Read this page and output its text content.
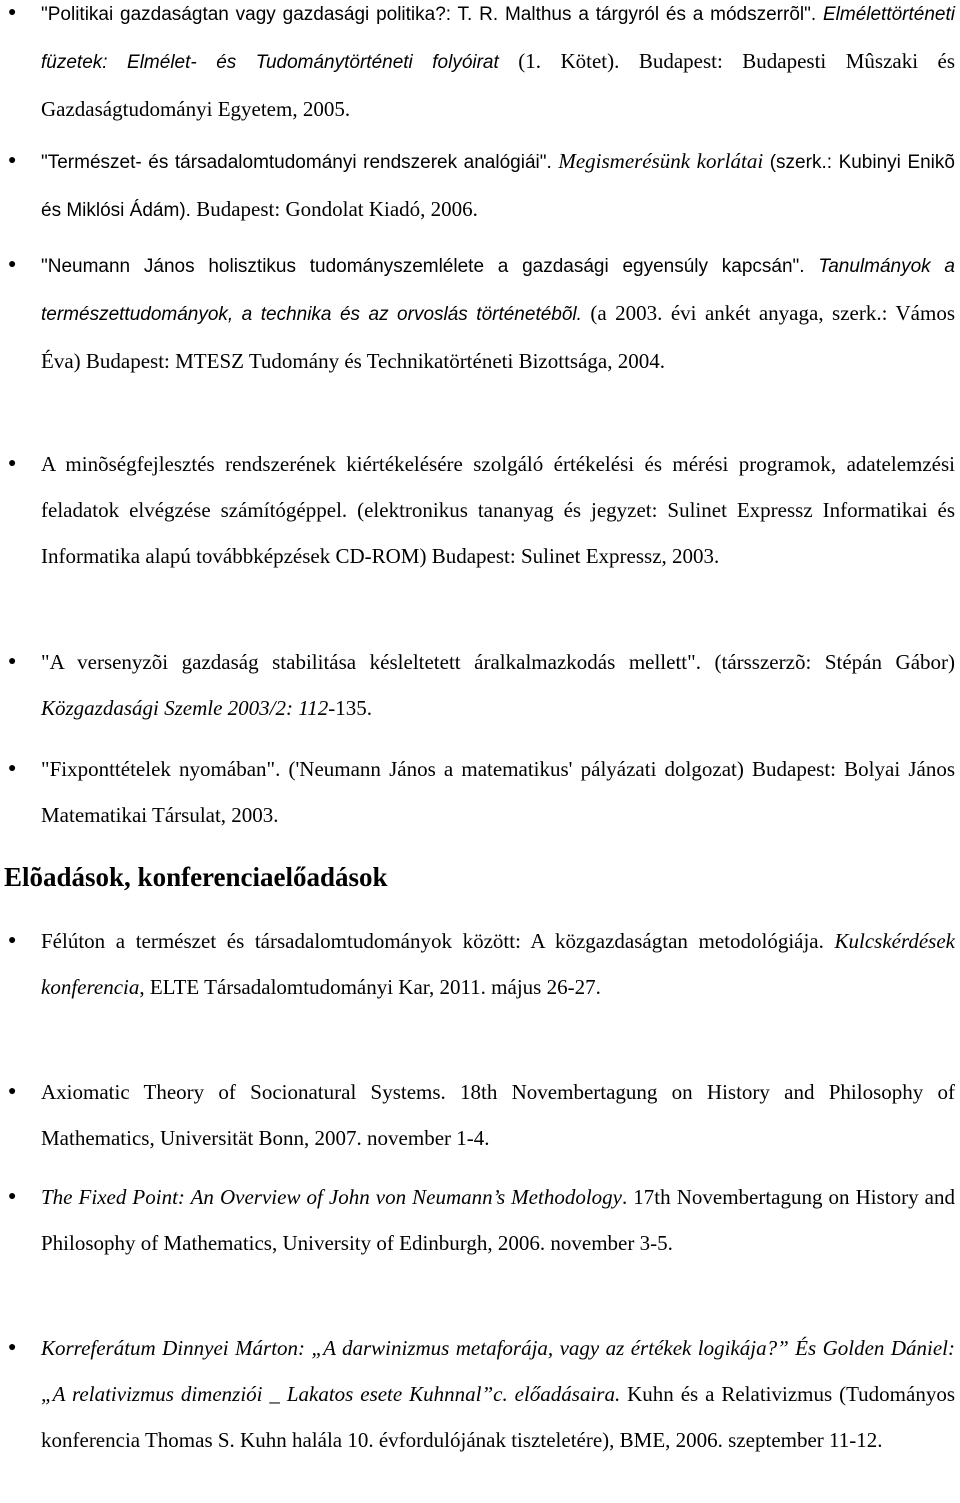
●	"Politikai gazdaságtan vagy gazdasági politika?: T. R. Malthus a tárgyról és a módszerrõl". Elmélettörténeti füzetek: Elmélet- és Tudománytörténeti folyóirat (1. Kötet). Budapest: Budapesti Mûszaki és Gazdaságtudományi Egyetem, 2005.
●	"Természet- és társadalomtudományi rendszerek analógiái". Megismerésünk korlátai (szerk.: Kubinyi Enikõ és Miklósi Ádám). Budapest: Gondolat Kiadó, 2006.
●	"Neumann János holisztikus tudományszemlélete a gazdasági egyensúly kapcsán". Tanulmányok a természettudományok, a technika és az orvoslás történetébõl. (a 2003. évi ankét anyaga, szerk.: Vámos Éva) Budapest: MTESZ Tudomány és Technikatörténeti Bizottsága, 2004.
●	A minõségfejlesztés rendszerének kiértékelésére szolgáló értékelési és mérési programok, adatelemzési feladatok elvégzése számítógéppel. (elektronikus tananyag és jegyzet: Sulinet Expressz Informatikai és Informatika alapú továbbképzések CD-ROM) Budapest: Sulinet Expressz, 2003.
●	"A versenyzõi gazdaság stabilitása késleltetett áralkalmazkodás mellett". (társszerzõ: Stépán Gábor) Közgazdasági Szemle 2003/2: 112-135.
●	"Fixponttételek nyomában". ('Neumann János a matematikus' pályázati dolgozat) Budapest: Bolyai János Matematikai Társulat, 2003.
Elõadások, konferenciaelőadások
●	Félúton a természet és társadalomtudományok között: A közgazdaságtan metodológiája. Kulcskérdések konferencia, ELTE Társadalomtudományi Kar, 2011. május 26-27.
●	Axiomatic Theory of Socionatural Systems. 18th Novembertagung on History and Philosophy of Mathematics, Universität Bonn, 2007. november 1-4.
●	The Fixed Point: An Overview of John von Neumann’s Methodology. 17th Novembertagung on History and Philosophy of Mathematics, University of Edinburgh, 2006. november 3-5.
●	Korreferátum Dinnyei Márton: „A darwinizmus metaforája, vagy az értékek logikája?” És Golden Dániel: „A relativizmus dimenziói _ Lakatos esete Kuhnnal”c. előadásaira. Kuhn és a Relativizmus (Tudományos konferencia Thomas S. Kuhn halála 10. évfordulójának tiszteletére), BME, 2006. szeptember 11-12.
